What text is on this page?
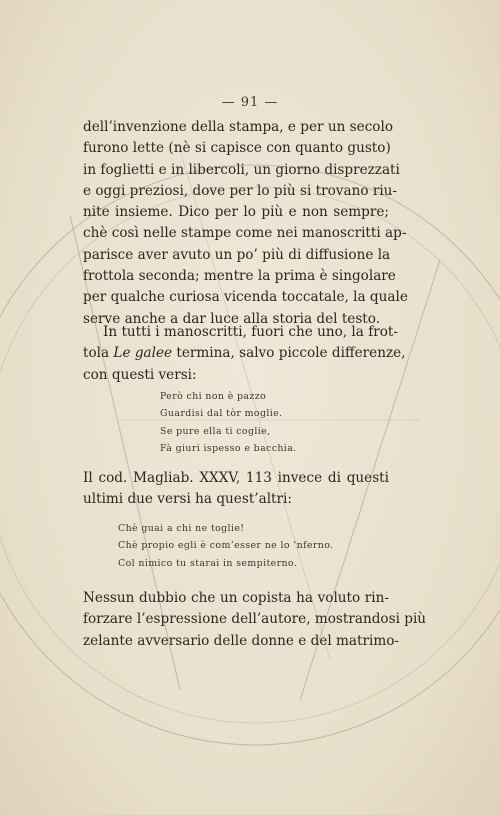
— 91 —
dell’invenzione della stampa, e per un secolo
furono lette (nè si capisce con quanto gusto)
in foglietti e in libercoli, un giorno disprezzati
e oggi preziosi, dove per lo più si trovano riu-
nite insieme. Dico per lo più e non sempre;
chè così nelle stampe come nei manoscritti ap-
parisce aver avuto un po’ più di diffusione la
frottola seconda; mentre la prima è singolare
per qualche curiosa vicenda toccatale, la quale
serve anche a dar luce alla storia del testo.
In tutti i manoscritti, fuori che uno, la frot-
tola Le galee termina, salvo piccole differenze,
con questi versi:
Però chi non è pazzo
Guardisi dal tòr moglie.
Se pure ella ti coglie,
Fà giuri ispesso e bacchia.
Il cod. Magliab. XXXV, 113 invece di questi
ultimi due versi ha quest’altri:
Chè guai a chi ne toglie!
Chè propio egli è com’esser ne lo ’nferno.
Col nimico tu starai in sempiterno.
Nessun dubbio che un copista ha voluto rin-
forzare l’espressione dell’autore, mostrandosi più
zelante avversario delle donne e del matrimo-
